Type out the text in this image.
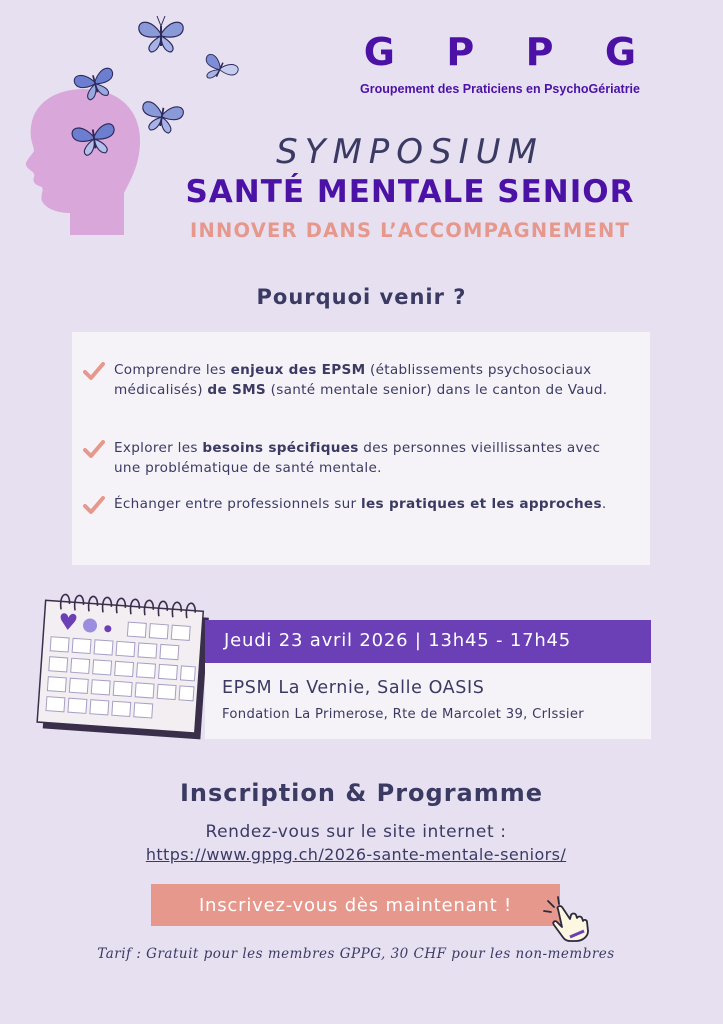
G P P G
Groupement des Praticiens en PsychoGériatrie
SYMPOSIUM
SANTÉ MENTALE SENIOR
INNOVER DANS L’ACCOMPAGNEMENT
Pourquoi venir ?
Comprendre les enjeux des EPSM (établissements psychosociaux médicalisés) de SMS (santé mentale senior) dans le canton de Vaud.
Explorer les besoins spécifiques des personnes vieillissantes avec une problématique de santé mentale.
Échanger entre professionnels sur les pratiques et les approches.
Jeudi 23 avril 2026 | 13h45 - 17h45
EPSM La Vernie, Salle OASIS
Fondation La Primerose, Rte de Marcolet 39, CrIssier
Inscription & Programme
Rendez-vous sur le site internet :
https://www.gppg.ch/2026-sante-mentale-seniors/
Inscrivez-vous dès maintenant !
Tarif : Gratuit pour les membres GPPG, 30 CHF pour les non-membres
